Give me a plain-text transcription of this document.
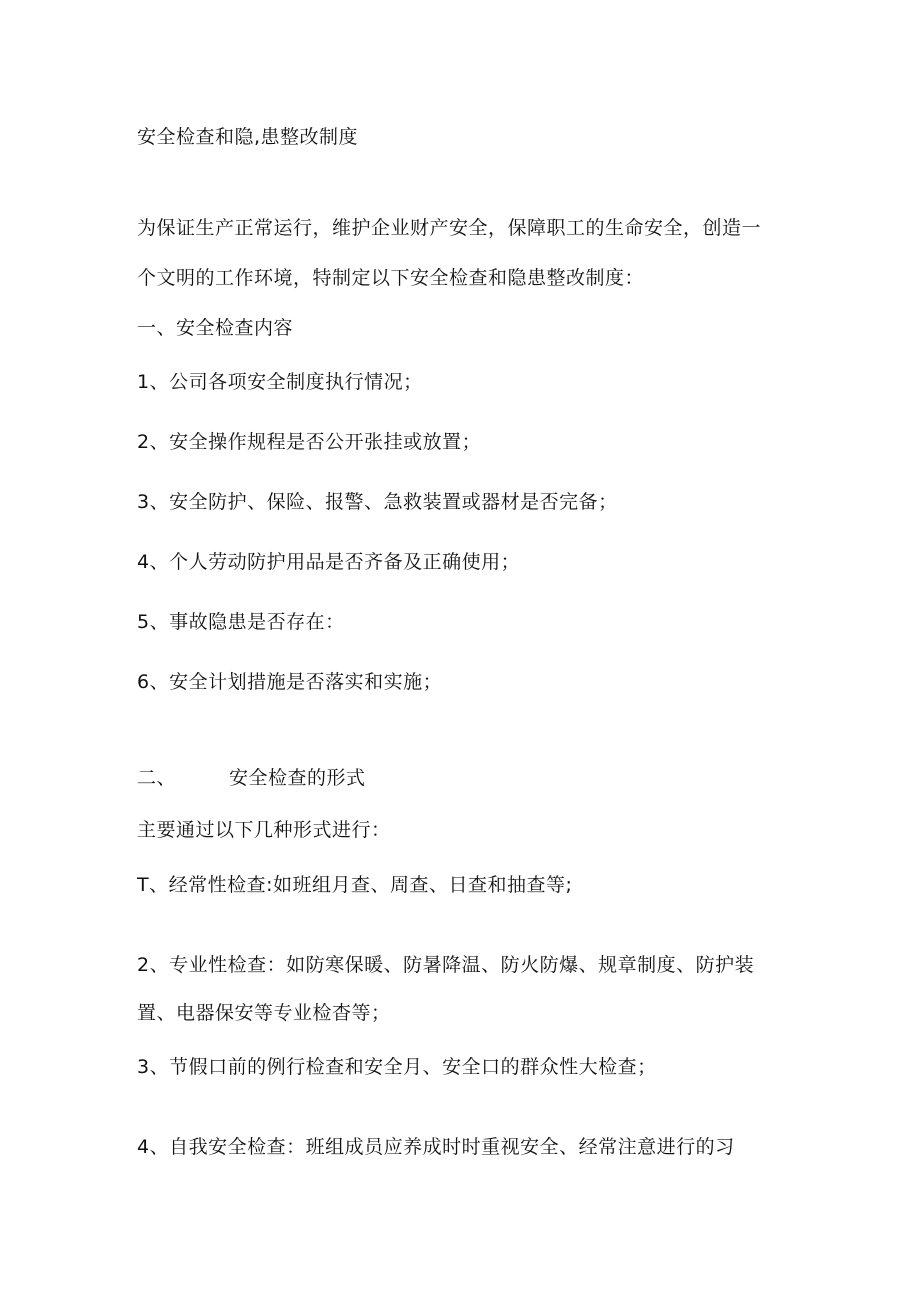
安全检查和隐,患整改制度
为保证生产正常运行，维护企业财产安全，保障职工的生命安全，创造一
个文明的工作环境，特制定以下安全检查和隐患整改制度：
一、安全检查内容
1、公司各项安全制度执行情况；
2、安全操作规程是否公开张挂或放置；
3、安全防护、保险、报警、急救装置或器材是否完备；
4、个人劳动防护用品是否齐备及正确使用；
5、事故隐患是否存在：
6、安全计划措施是否落实和实施；
二、	安全检查的形式
主要通过以下几种形式进行：
T、经常性检查:如班组月查、周查、日查和抽查等;
2、专业性检查：如防寒保暖、防暑降温、防火防爆、规章制度、防护装
置、电器保安等专业检杳等；
3、节假口前的例行检查和安全月、安全口的群众性大检查；
4、自我安全检查：班组成员应养成时时重视安全、经常注意进行的习
